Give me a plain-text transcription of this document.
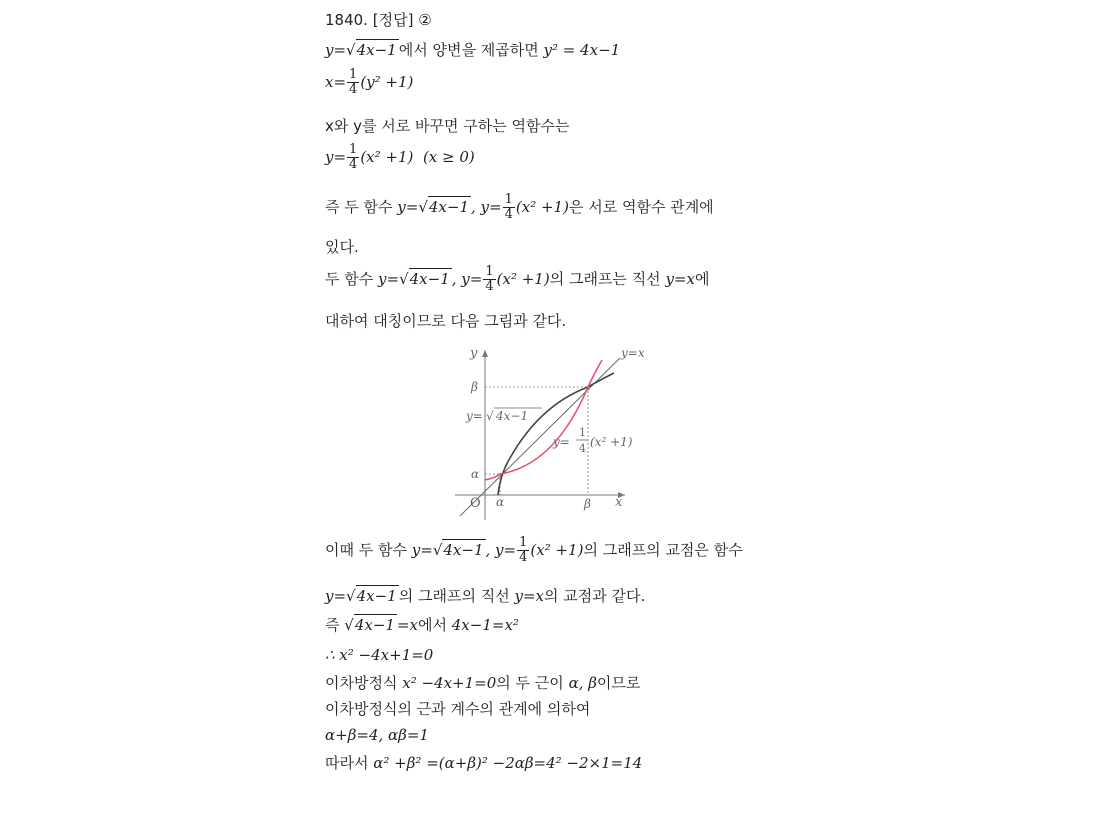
1840. [정답] ②
y=√4x−1 에서 양변을 제곱하면 y² = 4x−1
$x= \frac{1}{4} (y^2 +1)$
x와 y를 서로 바꾸면 구하는 역함수는
$y= \frac{1}{4} (x^2 +1) (x \ge 0)$
즉 두 함수 y=√4x−1 , $y= \frac{1}{4} (x^2 +1)$은 서로 역함수 관계에
있다.
두 함수 y=√4x−1 , $y= \frac{1}{4} (x^2 +1)$의 그래프는 직선 y=x에
대하여 대칭이므로 다음 그림과 같다.
y
x
O α	β
α
β
y=x
y= √ 4x−1
y=
1
4 (x² +1)
이때 두 함수 y=√4x−1 , $y= \frac{1}{4} (x^2 +1)$의 그래프의 교점은 함수
y=√4x−1 의 그래프의 직선 y=x의 교점과 같다.
즉 √4x−1 =x에서 4x−1=x²
∴ x² −4x+1=0
이차방정식 x² −4x+1=0의 두 근이 α, β이므로
이차방정식의 근과 계수의 관계에 의하여
α+β=4, αβ=1
따라서 α² +β² =(α+β)² −2αβ=4² −2×1=14
